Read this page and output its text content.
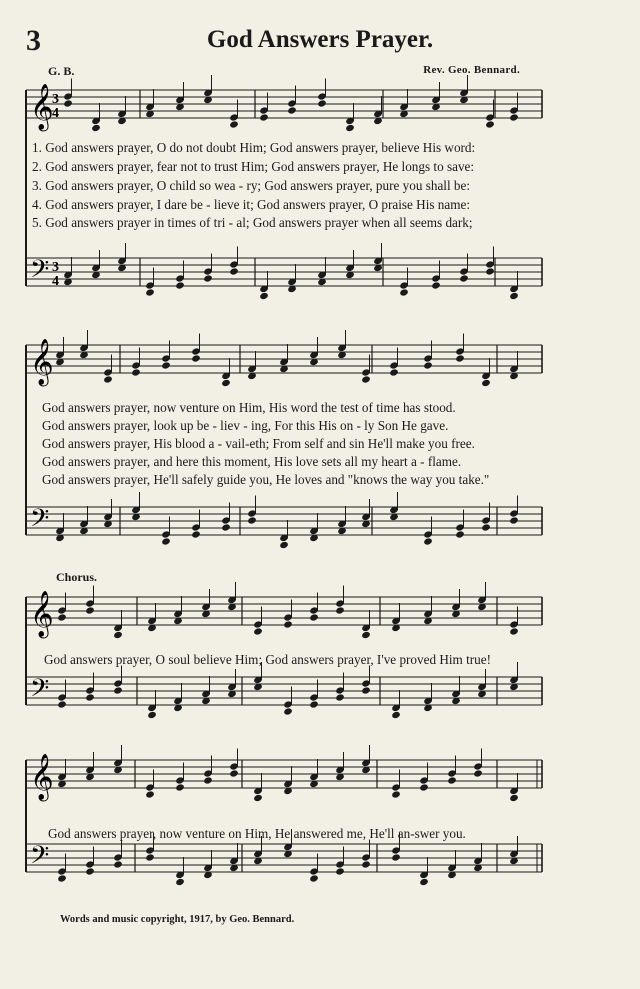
3	God Answers Prayer.
G. B.	Rev. Geo. Bennard.
𝄞
𝄢
3
4
3
4
1. God answers prayer, O do not doubt Him; God answers prayer, believe His word:
2. God answers prayer, fear not to trust Him; God answers prayer, He longs to save:
3. God answers prayer, O child so wea - ry; God answers prayer, pure you shall be:
4. God answers prayer, I dare be - lieve it; God answers prayer, O praise His name:
5. God answers prayer in times of tri - al; God answers prayer when all seems dark;
𝄞
𝄢
God answers prayer, now venture on Him, His word the test of time has stood.
God answers prayer, look up be - liev - ing, For this His on - ly Son He gave.
God answers prayer, His blood a - vail-eth; From self and sin He'll make you free.
God answers prayer, and here this moment, His love sets all my heart a - flame.
God answers prayer, He'll safely guide you, He loves and "knows the way you take."
Chorus.
𝄞
𝄢
God answers prayer, O soul believe Him; God answers prayer, I've proved Him true!
𝄞
𝄢
God answers prayer, now venture on Him, He answered me, He'll an-swer you.
Words and music copyright, 1917, by Geo. Bennard.
